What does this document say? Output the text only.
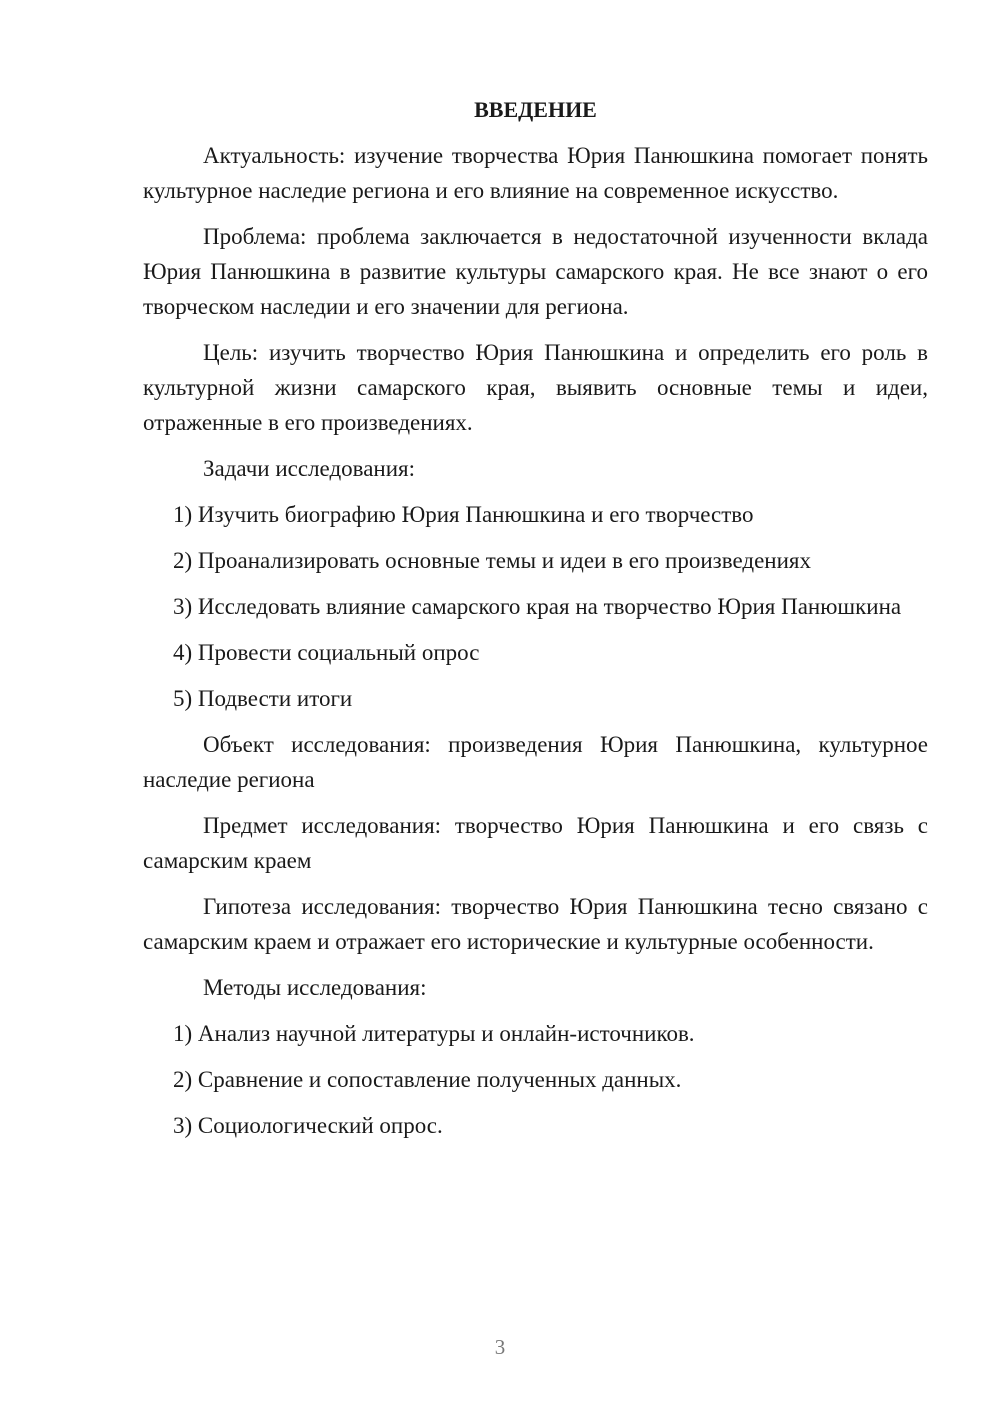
ВВЕДЕНИЕ
Актуальность: изучение творчества Юрия Панюшкина помогает понять культурное наследие региона и его влияние на современное искусство.
Проблема: проблема заключается в недостаточной изученности вклада Юрия Панюшкина в развитие культуры самарского края. Не все знают о его творческом наследии и его значении для региона.
Цель: изучить творчество Юрия Панюшкина и определить его роль в культурной жизни самарского края, выявить основные темы и идеи, отраженные в его произведениях.
Задачи исследования:
1) Изучить биографию Юрия Панюшкина и его творчество
2) Проанализировать основные темы и идеи в его произведениях
3) Исследовать влияние самарского края на творчество Юрия Панюшкина
4) Провести социальный опрос
5) Подвести итоги
Объект исследования: произведения Юрия Панюшкина, культурное наследие региона
Предмет исследования: творчество Юрия Панюшкина и его связь с самарским краем
Гипотеза исследования: творчество Юрия Панюшкина тесно связано с самарским краем и отражает его исторические и культурные особенности.
Методы исследования:
1) Анализ научной литературы и онлайн-источников.
2) Сравнение и сопоставление полученных данных.
3) Социологический опрос.
3
